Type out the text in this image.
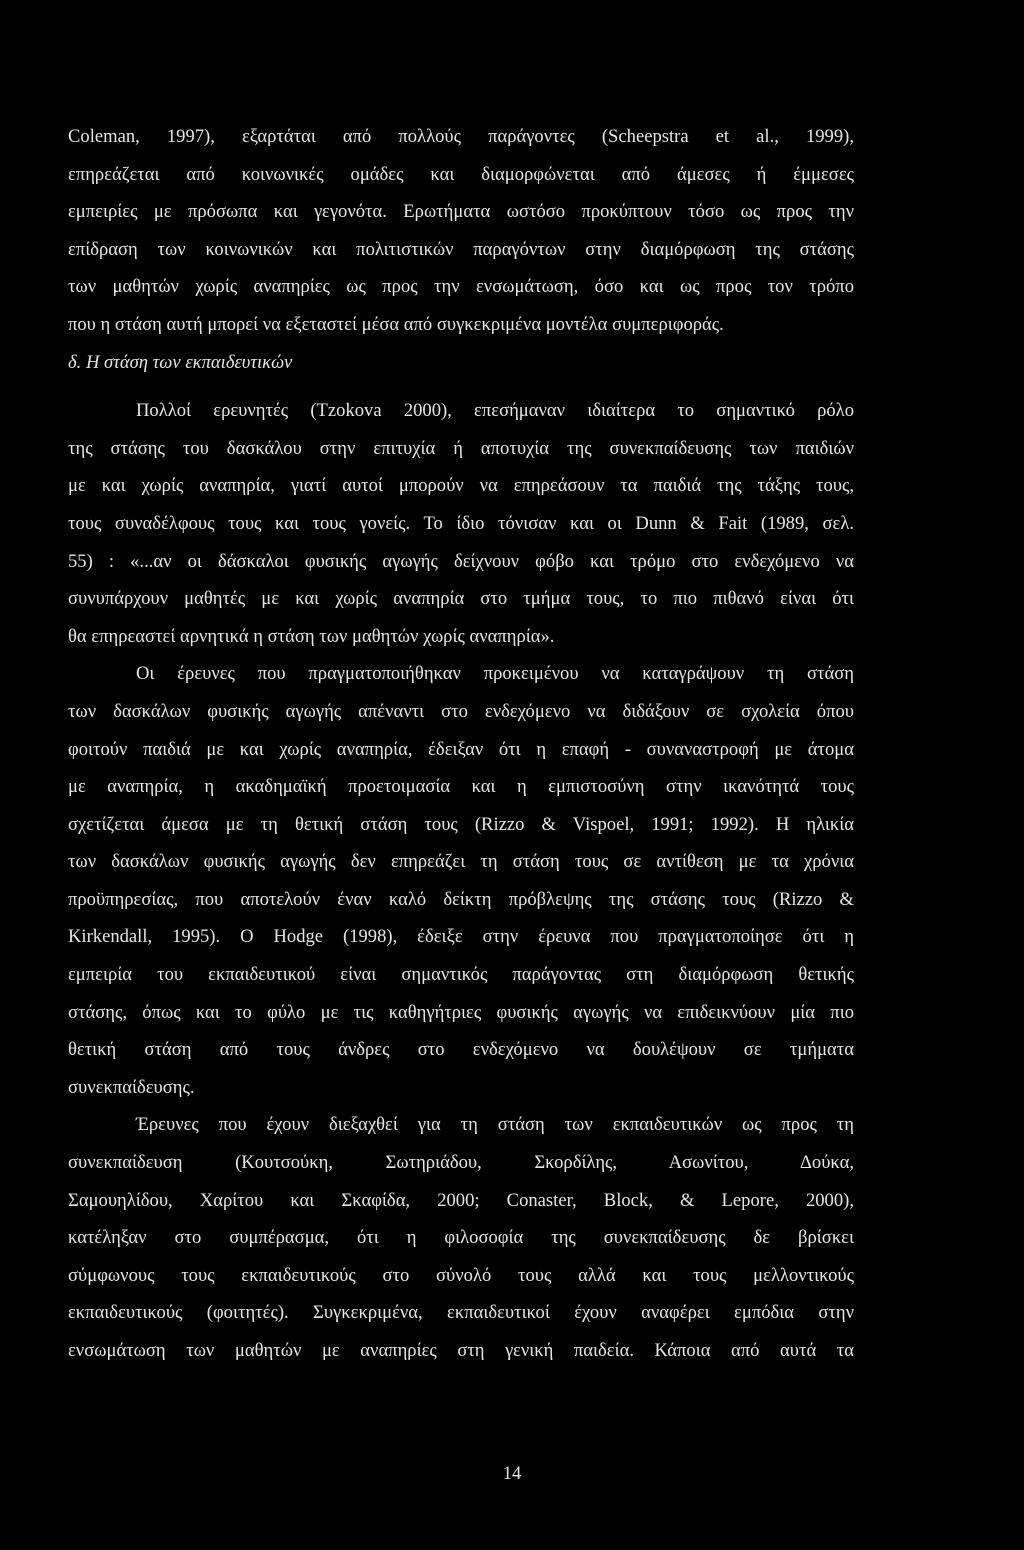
Coleman, 1997), εξαρτάται από πολλούς παράγοντες (Scheepstra et al., 1999),
επηρεάζεται από κοινωνικές ομάδες και διαμορφώνεται από άμεσες ή έμμεσες
εμπειρίες με πρόσωπα και γεγονότα. Ερωτήματα ωστόσο προκύπτουν τόσο ως προς την
επίδραση των κοινωνικών και πολιτιστικών παραγόντων στην διαμόρφωση της στάσης
των μαθητών χωρίς αναπηρίες ως προς την ενσωμάτωση, όσο και ως προς τον τρόπο
που η στάση αυτή μπορεί να εξεταστεί μέσα από συγκεκριμένα μοντέλα συμπεριφοράς.
δ. Η στάση των εκπαιδευτικών
Πολλοί ερευνητές (Tzokova 2000), επεσήμαναν ιδιαίτερα το σημαντικό ρόλο
της στάσης του δασκάλου στην επιτυχία ή αποτυχία της συνεκπαίδευσης των παιδιών
με και χωρίς αναπηρία, γιατί αυτοί μπορούν να επηρεάσουν τα παιδιά της τάξης τους,
τους συναδέλφους τους και τους γονείς. Το ίδιο τόνισαν και οι Dunn & Fait (1989, σελ.
55) : «...αν οι δάσκαλοι φυσικής αγωγής δείχνουν φόβο και τρόμο στο ενδεχόμενο να
συνυπάρχουν μαθητές με και χωρίς αναπηρία στο τμήμα τους, το πιο πιθανό είναι ότι
θα επηρεαστεί αρνητικά η στάση των μαθητών χωρίς αναπηρία».
Οι έρευνες που πραγματοποιήθηκαν προκειμένου να καταγράψουν τη στάση
των δασκάλων φυσικής αγωγής απέναντι στο ενδεχόμενο να διδάξουν σε σχολεία όπου
φοιτούν παιδιά με και χωρίς αναπηρία, έδειξαν ότι η επαφή - συναναστροφή με άτομα
με αναπηρία, η ακαδημαϊκή προετοιμασία και η εμπιστοσύνη στην ικανότητά τους
σχετίζεται άμεσα με τη θετική στάση τους (Rizzo & Vispoel, 1991; 1992). Η ηλικία
των δασκάλων φυσικής αγωγής δεν επηρεάζει τη στάση τους σε αντίθεση με τα χρόνια
προϋπηρεσίας, που αποτελούν έναν καλό δείκτη πρόβλεψης της στάσης τους (Rizzo &
Kirkendall, 1995). Ο Hodge (1998), έδειξε στην έρευνα που πραγματοποίησε ότι η
εμπειρία του εκπαιδευτικού είναι σημαντικός παράγοντας στη διαμόρφωση θετικής
στάσης, όπως και το φύλο με τις καθηγήτριες φυσικής αγωγής να επιδεικνύουν μία πιο
θετική στάση από τους άνδρες στο ενδεχόμενο να δουλέψουν σε τμήματα
συνεκπαίδευσης.
Έρευνες που έχουν διεξαχθεί για τη στάση των εκπαιδευτικών ως προς τη
συνεκπαίδευση (Κουτσούκη, Σωτηριάδου, Σκορδίλης, Ασωνίτου, Δούκα,
Σαμουηλίδου, Χαρίτου και Σκαφίδα, 2000; Conaster, Block, & Lepore, 2000),
κατέληξαν στο συμπέρασμα, ότι η φιλοσοφία της συνεκπαίδευσης δε βρίσκει
σύμφωνους τους εκπαιδευτικούς στο σύνολό τους αλλά και τους μελλοντικούς
εκπαιδευτικούς (φοιτητές). Συγκεκριμένα, εκπαιδευτικοί έχουν αναφέρει εμπόδια στην
ενσωμάτωση των μαθητών με αναπηρίες στη γενική παιδεία. Κάποια από αυτά τα
14
